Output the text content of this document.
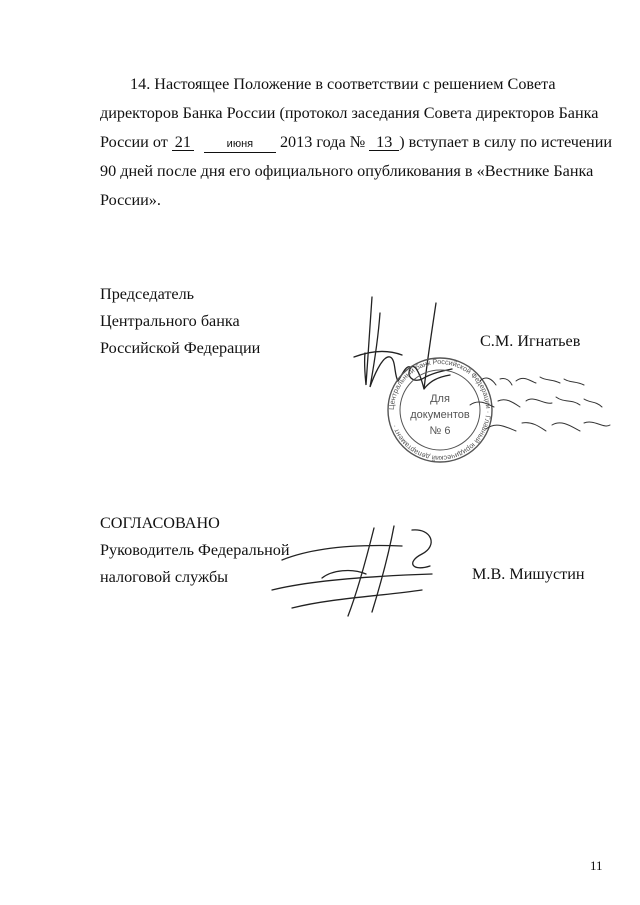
14. Настоящее Положение в соответствии с решением Совета
директоров Банка России (протокол заседания Совета директоров Банка
России от 21	июня 2013 года № 13 ) вступает в силу по истечении
90 дней после дня его официального опубликования в «Вестнике Банка
России».
Председатель
Центрального банка
Российской Федерации	С.М. Игнатьев
Центральный банк Российской Федерации · Главный юридический департамент ·
Для
документов
№ 6
СОГЛАСОВАНО
Руководитель Федеральной
налоговой службы	М.В. Мишустин
11
